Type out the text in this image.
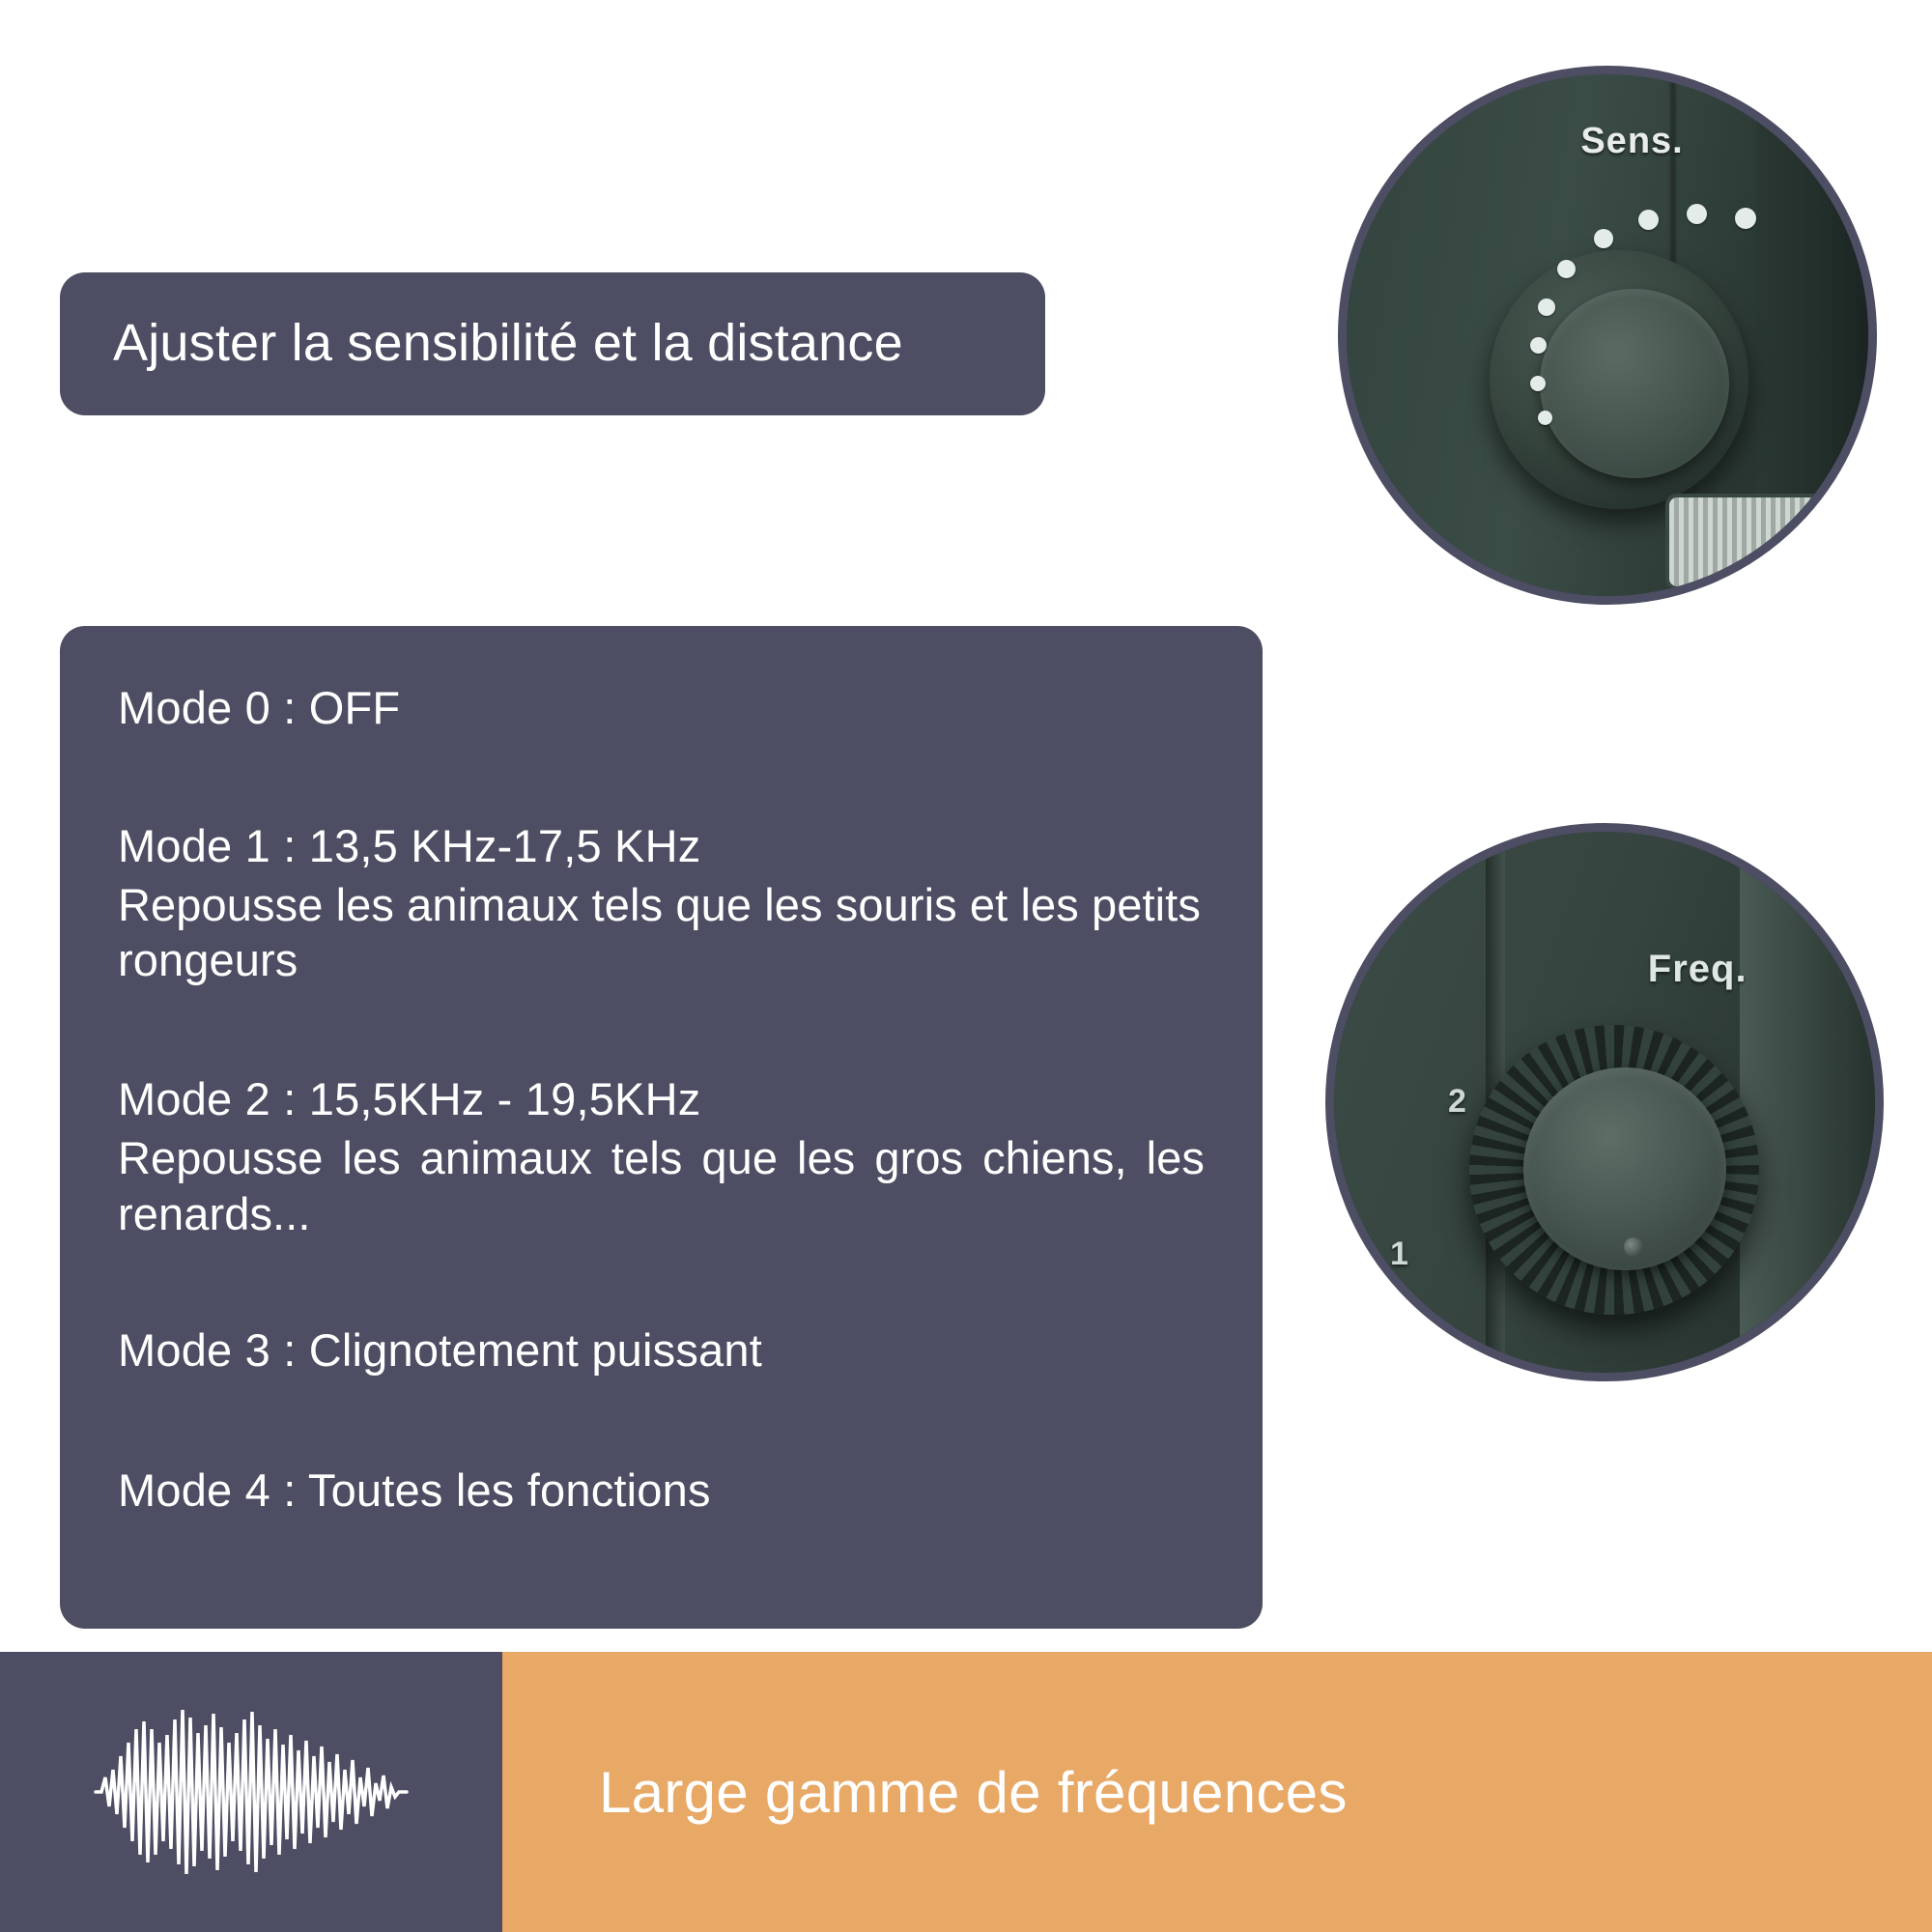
Ajuster la sensibilité et la distance
Mode 0 : OFF
Mode 1 : 13,5 KHz-17,5 KHz
Repousse les animaux tels que les souris et les petits rongeurs
Mode 2 : 15,5KHz - 19,5KHz
Repousse les animaux tels que les gros chiens, les renards...
Mode 3 : Clignotement puissant
Mode 4 : Toutes les fonctions
Sens.
Freq.
2
1
0
Large gamme de fréquences
